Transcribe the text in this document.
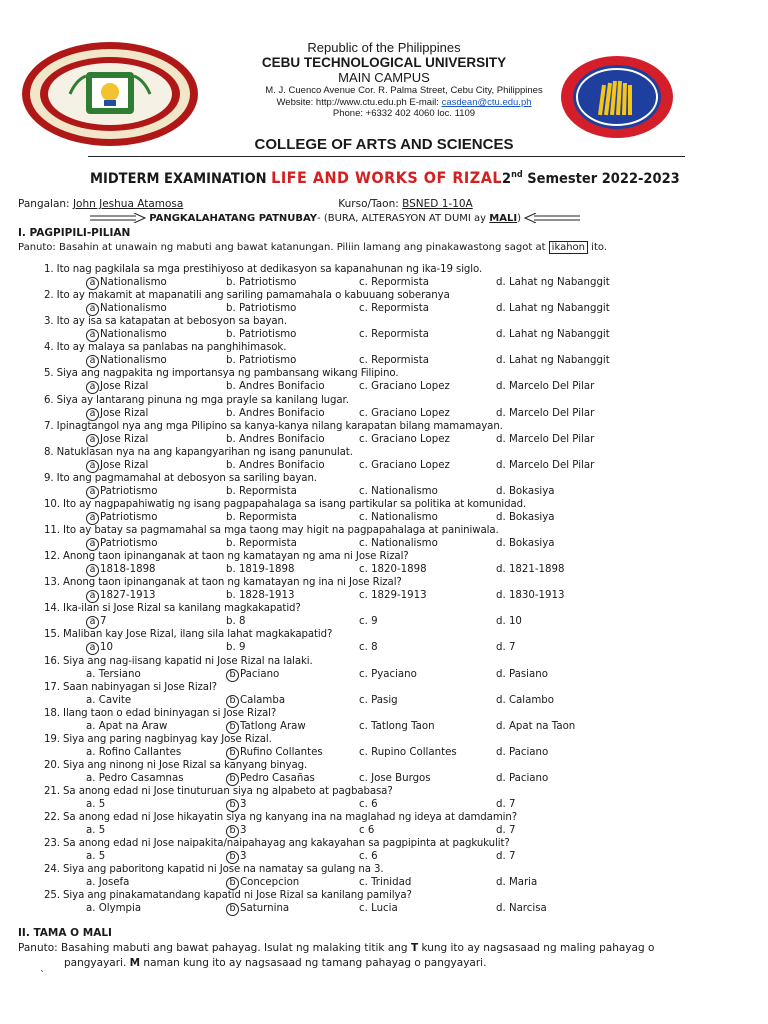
Republic of the Philippines
CEBU TECHNOLOGICAL UNIVERSITY
MAIN CAMPUS
M. J. Cuenco Avenue Cor. R. Palma Street, Cebu City, Philippines
Website: http://www.ctu.edu.ph E-mail: casdean@ctu.edu.ph
Phone: +6332 402 4060 loc. 1109
COLLEGE OF ARTS AND SCIENCES
MIDTERM EXAMINATION LIFE AND WORKS OF RIZAL2nd Semester 2022-2023
Pangalan: John Jeshua Atamosa	Kurso/Taon: BSNED 1-10A
PANGKALAHATANG PATNUBAY- (BURA, ALTERASYON AT DUMI ay MALI)
I. PAGPIPILI-PILIAN
Panuto: Basahin at unawain ng mabuti ang bawat katanungan. Piliin lamang ang pinakawastong sagot at ikahon ito.
1. Ito nag pagkilala sa mga prestihiyoso at dedikasyon sa kapanahunan ng ika-19 siglo.
a Nationalismo	b. Patriotismo	c. Repormista	d. Lahat ng Nabanggit
2. Ito ay makamit at mapanatili ang sariling pamamahala o kabuuang soberanya
a Nationalismo	b. Patriotismo	c. Repormista	d. Lahat ng Nabanggit
3. Ito ay isa sa katapatan at bebosyon sa bayan.
a Nationalismo	b. Patriotismo	c. Repormista	d. Lahat ng Nabanggit
4. Ito ay malaya sa panlabas na panghihimasok.
a Nationalismo	b. Patriotismo	c. Repormista	d. Lahat ng Nabanggit
5. Siya ang nagpakita ng importansya ng pambansang wikang Filipino.
a Jose Rizal	b. Andres Bonifacio	c. Graciano Lopez	d. Marcelo Del Pilar
6. Siya ay lantarang pinuna ng mga prayle sa kanilang lugar.
a Jose Rizal	b. Andres Bonifacio	c. Graciano Lopez	d. Marcelo Del Pilar
7. Ipinagtangol nya ang mga Pilipino sa kanya-kanya nilang karapatan bilang mamamayan.
a Jose Rizal	b. Andres Bonifacio	c. Graciano Lopez	d. Marcelo Del Pilar
8. Natuklasan nya na ang kapangyarihan ng isang panunulat.
a Jose Rizal	b. Andres Bonifacio	c. Graciano Lopez	d. Marcelo Del Pilar
9. Ito ang pagmamahal at debosyon sa sariling bayan.
a Patriotismo	b. Repormista	c. Nationalismo	d. Bokasiya
10. Ito ay nagpapahiwatig ng isang pagpapahalaga sa isang partikular sa politika at komunidad.
a Patriotismo	b. Repormista	c. Nationalismo	d. Bokasiya
11. Ito ay batay sa pagmamahal sa mga taong may higit na pagpapahalaga at paniniwala.
a Patriotismo	b. Repormista	c. Nationalismo	d. Bokasiya
12. Anong taon ipinanganak at taon ng kamatayan ng ama ni Jose Rizal?
a 1818-1898	b. 1819-1898	c. 1820-1898	d. 1821-1898
13. Anong taon ipinanganak at taon ng kamatayan ng ina ni Jose Rizal?
a 1827-1913	b. 1828-1913	c. 1829-1913	d. 1830-1913
14. Ika-ilan si Jose Rizal sa kanilang magkakapatid?
a 7	b. 8	c. 9	d. 10
15. Maliban kay Jose Rizal, ilang sila lahat magkakapatid?
a 10	b. 9	c. 8	d. 7
16. Siya ang nag-iisang kapatid ni Jose Rizal na lalaki.
a. Tersiano	b Paciano	c. Pyaciano	d. Pasiano
17. Saan nabinyagan si Jose Rizal?
a. Cavite	b Calamba	c. Pasig	d. Calambo
18. Ilang taon o edad bininyagan si Jose Rizal?
a. Apat na Araw	b Tatlong Araw	c. Tatlong Taon	d. Apat na Taon
19. Siya ang paring nagbinyag kay Jose Rizal.
a. Rofino Callantes	b Rufino Collantes	c. Rupino Collantes	d. Paciano
20. Siya ang ninong ni Jose Rizal sa kanyang binyag.
a. Pedro Casamnas	b Pedro Casañas	c. Jose Burgos	d. Paciano
21. Sa anong edad ni Jose tinuturuan siya ng alpabeto at pagbabasa?
a. 5	b 3	c. 6	d. 7
22. Sa anong edad ni Jose hikayatin siya ng kanyang ina na maglahad ng ideya at damdamin?
a. 5	b 3	c 6	d. 7
23. Sa anong edad ni Jose naipakita/naipahayag ang kakayahan sa pagpipinta at pagkukulit?
a. 5	b 3	c. 6	d. 7
24. Siya ang paboritong kapatid ni Jose na namatay sa gulang na 3.
a. Josefa	b Concepcion	c. Trinidad	d. Maria
25. Siya ang pinakamatandang kapatid ni Jose Rizal sa kanilang pamilya?
a. Olympia	b Saturnina	c. Lucia	d. Narcisa
II. TAMA O MALI
Panuto: Basahing mabuti ang bawat pahayag. Isulat ng malaking titik ang T kung ito ay nagsasaad ng maling pahayag o
pangyayari. M naman kung ito ay nagsasaad ng tamang pahayag o pangyayari.
`
